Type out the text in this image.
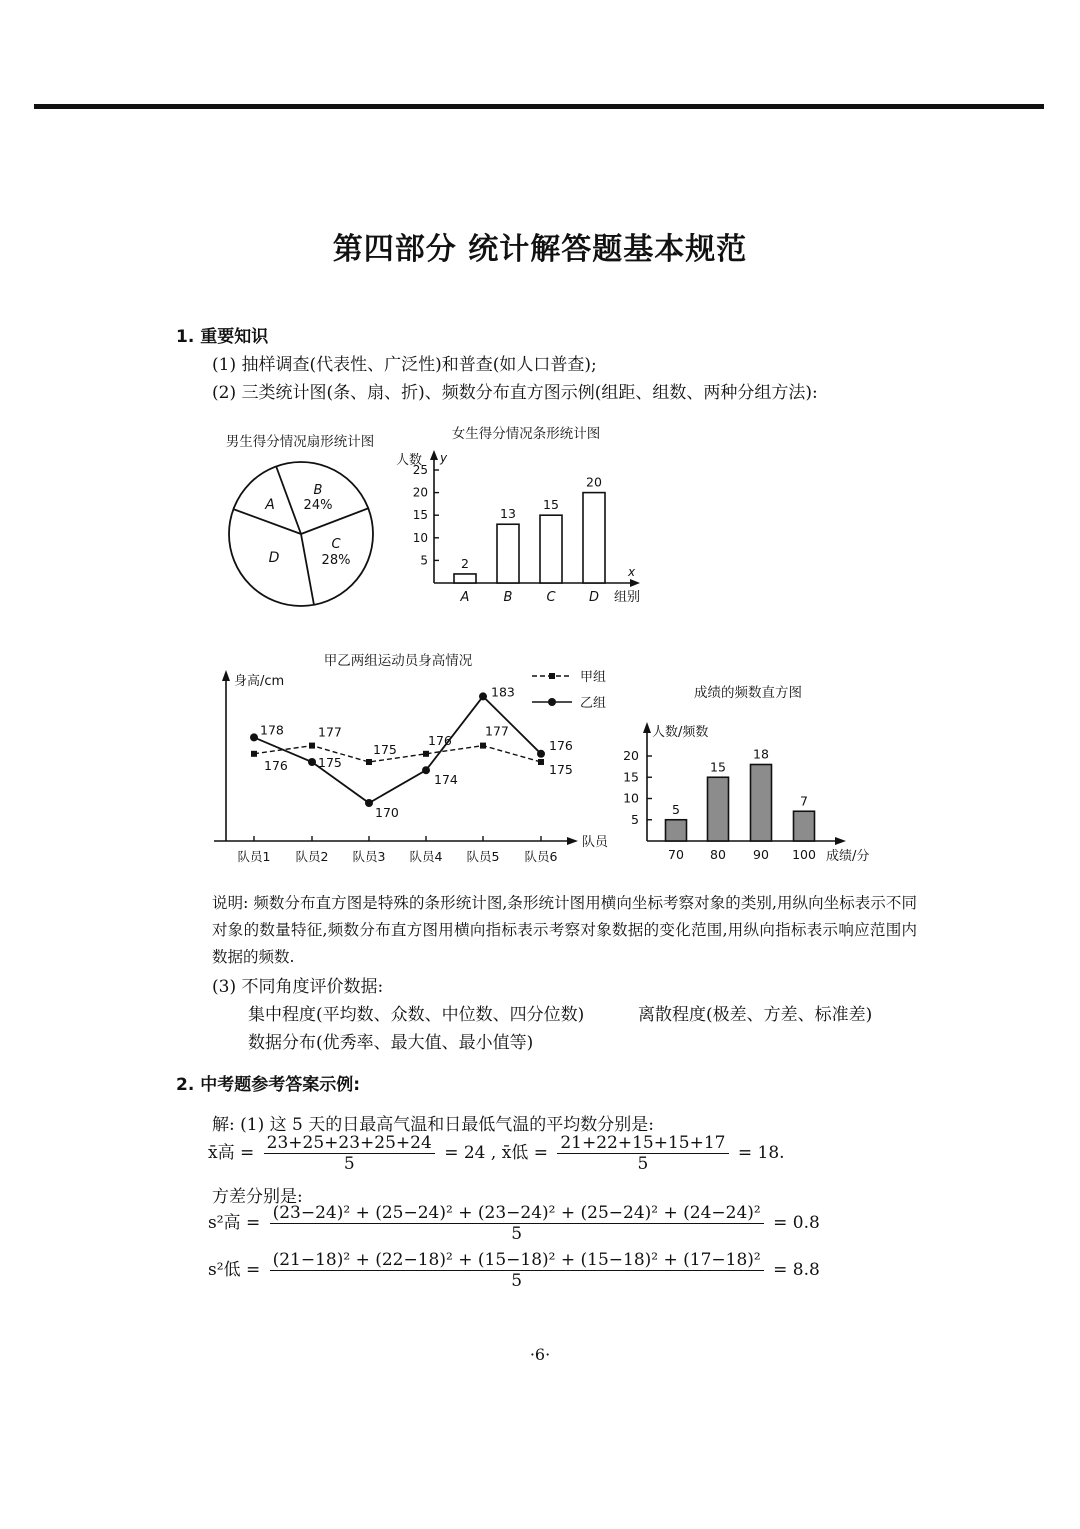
第四部分 统计解答题基本规范
1. 重要知识
(1) 抽样调查(代表性、广泛性)和普查(如人口普查);
(2) 三类统计图(条、扇、折)、频数分布直方图示例(组距、组数、两种分组方法):
男生得分情况扇形统计图
A
B
24%
C
28%
D
女生得分情况条形统计图
人数 y
x
组别
5
10
15
20
25
2
A
13
B
15
C
20
D
甲乙两组运动员身高情况
身高/cm
队员
甲组
乙组
队员1 队员2 队员3 队员4 队员5 队员6
176
177
175
176
177
175
178
175
170
174
183
176
成绩的频数直方图
人数/频数
成绩/分
5
10
15
20
5
70
15
80
18
90
7
100
说明: 频数分布直方图是特殊的条形统计图,条形统计图用横向坐标考察对象的类别,用纵向坐标表示不同对象的数量特征,频数分布直方图用横向指标表示考察对象数据的变化范围,用纵向指标表示响应范围内数据的频数.
(3) 不同角度评价数据:
集中程度(平均数、众数、中位数、四分位数)	离散程度(极差、方差、标准差)
数据分布(优秀率、最大值、最小值等)
2. 中考题参考答案示例:
解: (1) 这 5 天的日最高气温和日最低气温的平均数分别是:
x̄高 = $\frac{23+25+23+25+24}{5} = 24$ , x̄低 = $\frac{21+22+15+15+17}{5} = 18$.
方差分别是:
s²高 = $\frac{\text{(23−24)² + (25−24)² + (23−24)² + (25−24)² + (24−24)²}}{5} = 0.8$
s²低 = $\frac{\text{(21−18)² + (22−18)² + (15−18)² + (15−18)² + (17−18)²}}{5} = 8.8$
·6·
